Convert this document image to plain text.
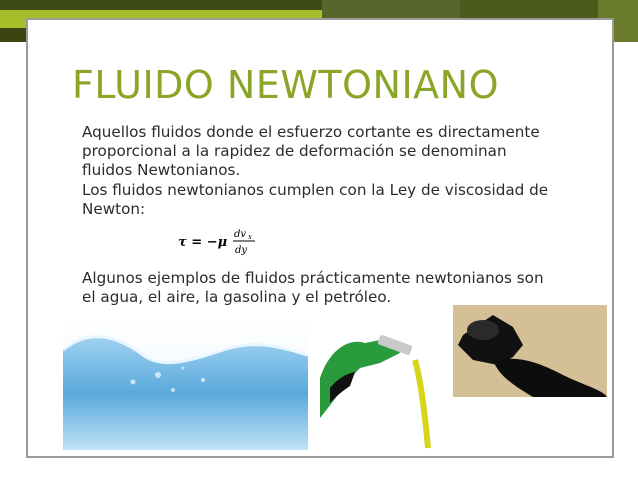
FLUIDO NEWTONIANO
Aquellos fluidos donde el esfuerzo cortante es directamente proporcional a la rapidez de deformación se denominan fluidos Newtonianos.
Los fluidos newtonianos cumplen con la Ley de viscosidad de Newton:
τ = −μ
dv x
dy
Algunos ejemplos de fluidos prácticamente newtonianos son el agua, el aire, la gasolina y el petróleo.
